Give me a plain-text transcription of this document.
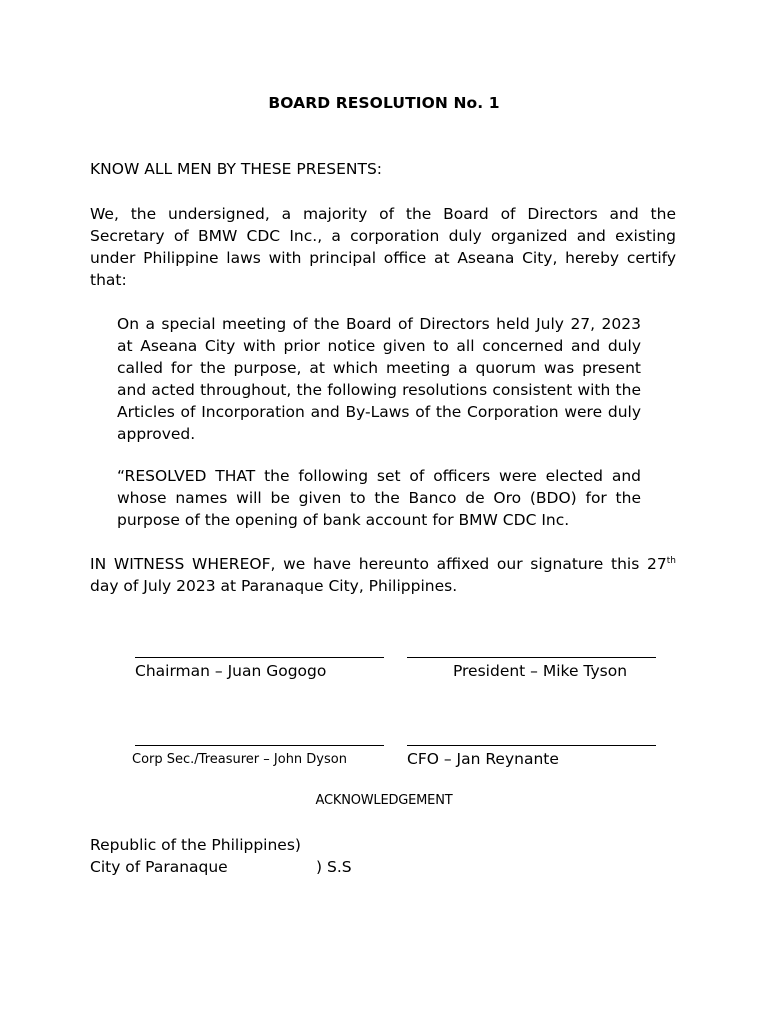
BOARD RESOLUTION No. 1
KNOW ALL MEN BY THESE PRESENTS:
We, the undersigned, a majority of the Board of Directors and the Secretary of BMW CDC Inc., a corporation duly organized and existing under Philippine laws with principal office at Aseana City, hereby certify that:
On a special meeting of the Board of Directors held July 27, 2023 at Aseana City with prior notice given to all concerned and duly called for the purpose, at which meeting a quorum was present and acted throughout, the following resolutions consistent with the Articles of Incorporation and By-Laws of the Corporation were duly approved.
“RESOLVED THAT the following set of officers were elected and whose names will be given to the Banco de Oro (BDO) for the purpose of the opening of bank account for BMW CDC Inc.
IN WITNESS WHEREOF, we have hereunto affixed our signature this 27th day of July 2023 at Paranaque City, Philippines.
Chairman – Juan Gogogo	President – Mike Tyson
Corp Sec./Treasurer – John Dyson	CFO – Jan Reynante
ACKNOWLEDGEMENT
Republic of the Philippines)
City of Paranaque	) S.S
